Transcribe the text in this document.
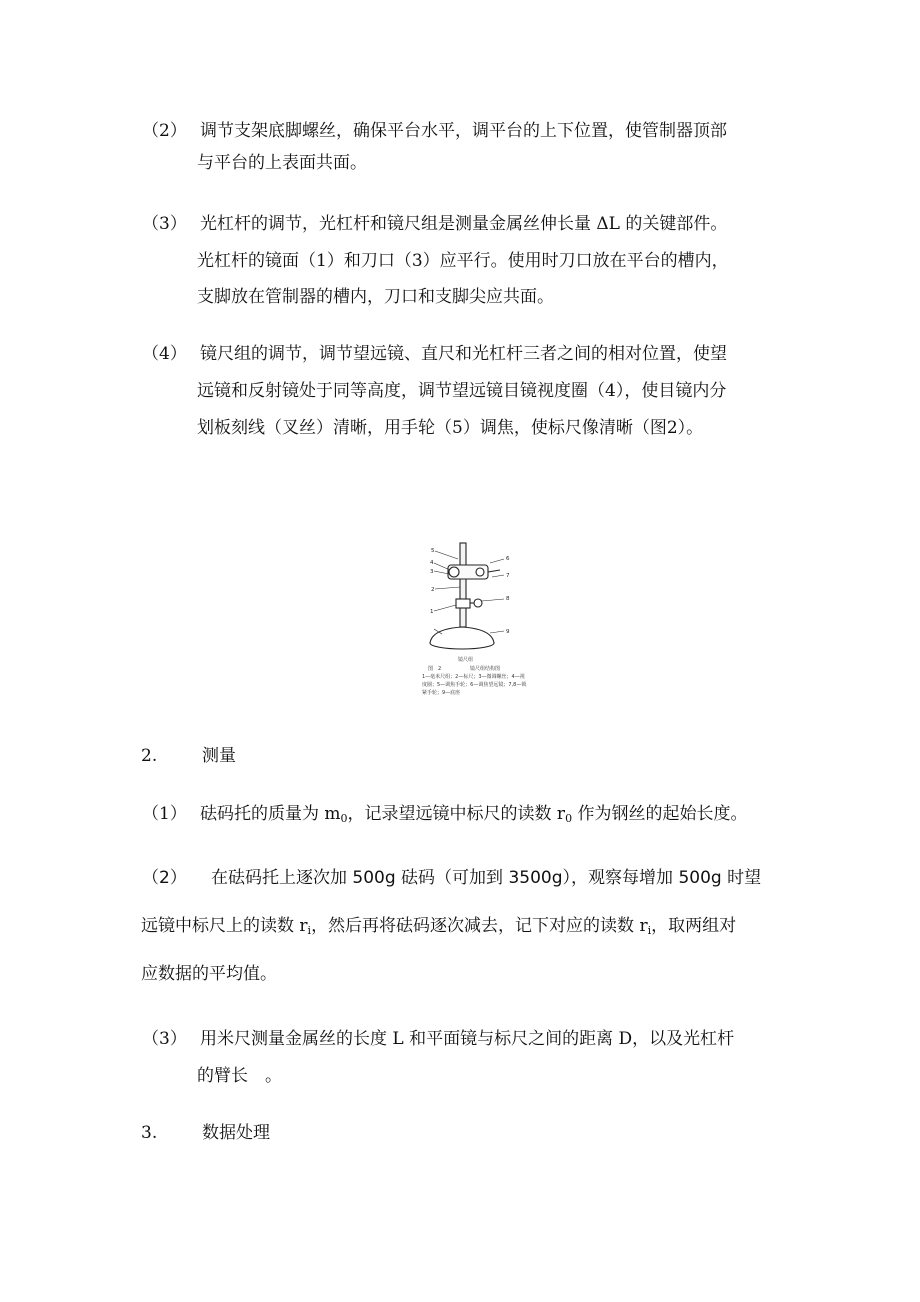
（2） 调节支架底脚螺丝，确保平台水平，调平台的上下位置，使管制器顶部
与平台的上表面共面。
（3） 光杠杆的调节，光杠杆和镜尺组是测量金属丝伸长量 ΔL 的关键部件。
光杠杆的镜面（1）和刀口（3）应平行。使用时刀口放在平台的槽内，
支脚放在管制器的槽内，刀口和支脚尖应共面。
（4） 镜尺组的调节，调节望远镜、直尺和光杠杆三者之间的相对位置，使望
远镜和反射镜处于同等高度，调节望远镜目镜视度圈（4），使目镜内分
划板刻线（叉丝）清晰，用手轮（5）调焦，使标尺像清晰（图2）。
5
4
3
2
1
6
7
8
9
镜尺组
图　2	镜尺组结构图
1—毫米尺组；2—标尺；3—微调螺丝；4—视
度圈；5—调焦手轮；6—调焦望远镜；7,8—锁
紧手轮；9—底座
2.	测量
（1） 砝码托的质量为 $m_0$，记录望远镜中标尺的读数 $r_0$ 作为钢丝的起始长度。
（2） 在砝码托上逐次加 500g 砝码（可加到 3500g），观察每增加 500g 时望
远镜中标尺上的读数 $r_i$，然后再将砝码逐次减去，记下对应的读数 $r_i$，取两组对
应数据的平均值。
（3） 用米尺测量金属丝的长度 L 和平面镜与标尺之间的距离 D，以及光杠杆
的臂长　。
3.	数据处理
